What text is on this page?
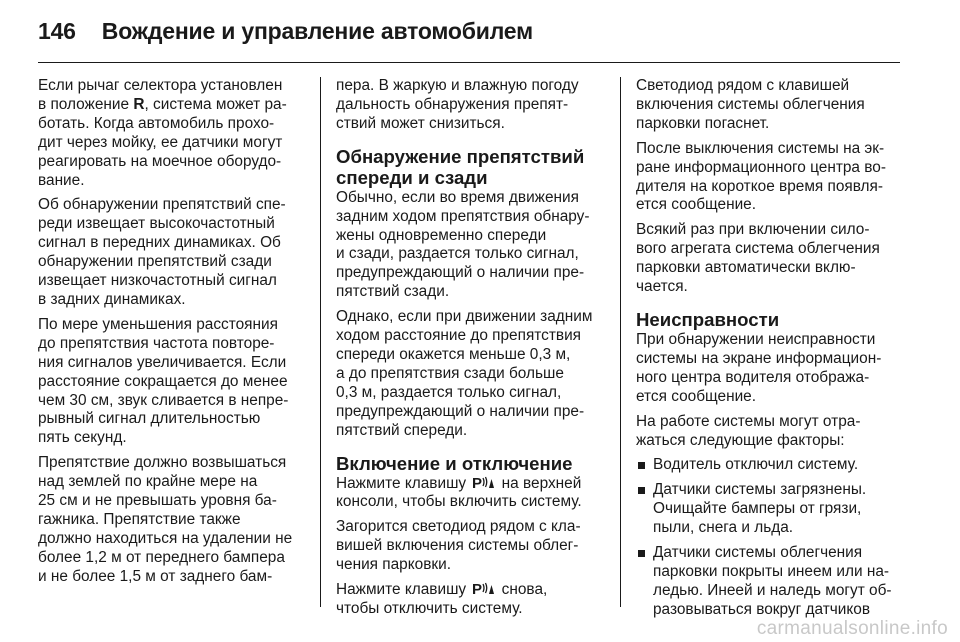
146 Вождение и управление автомобилем
Если рычаг селектора установлен
в положение R, система может ра-
ботать. Когда автомобиль прохо-
дит через мойку, ее датчики могут
реагировать на моечное оборудо-
вание.
Об обнаружении препятствий спе-
реди извещает высокочастотный
сигнал в передних динамиках. Об
обнаружении препятствий сзади
извещает низкочастотный сигнал
в задних динамиках.
По мере уменьшения расстояния
до препятствия частота повторе-
ния сигналов увеличивается. Если
расстояние сокращается до менее
чем 30 см, звук сливается в непре-
рывный сигнал длительностью
пять секунд.
Препятствие должно возвышаться
над землей по крайне мере на
25 см и не превышать уровня ба-
гажника. Препятствие также
должно находиться на удалении не
более 1,2 м от переднего бампера
и не более 1,5 м от заднего бам-
пера. В жаркую и влажную погоду
дальность обнаружения препят-
ствий может снизиться.
Обнаружение препятствий
спереди и сзади
Обычно, если во время движения
задним ходом препятствия обнару-
жены одновременно спереди
и сзади, раздается только сигнал,
предупреждающий о наличии пре-
пятствий сзади.
Однако, если при движении задним
ходом расстояние до препятствия
спереди окажется меньше 0,3 м,
а до препятствия сзади больше
0,3 м, раздается только сигнал,
предупреждающий о наличии пре-
пятствий спереди.
Включение и отключение
Нажмите клавишу P на верхней
консоли, чтобы включить систему.
Загорится светодиод рядом с кла-
вишей включения системы облег-
чения парковки.
Нажмите клавишу P снова,
чтобы отключить систему.
Светодиод рядом с клавишей
включения системы облегчения
парковки погаснет.
После выключения системы на эк-
ране информационного центра во-
дителя на короткое время появля-
ется сообщение.
Всякий раз при включении сило-
вого агрегата система облегчения
парковки автоматически вклю-
чается.
Неисправности
При обнаружении неисправности
системы на экране информацион-
ного центра водителя отобража-
ется сообщение.
На работе системы могут отра-
жаться следующие факторы:
Водитель отключил систему.
Датчики системы загрязнены.
Очищайте бамперы от грязи,
пыли, снега и льда.
Датчики системы облегчения
парковки покрыты инеем или на-
ледью. Инеей и наледь могут об-
разовываться вокруг датчиков
carmanualsonline.info
